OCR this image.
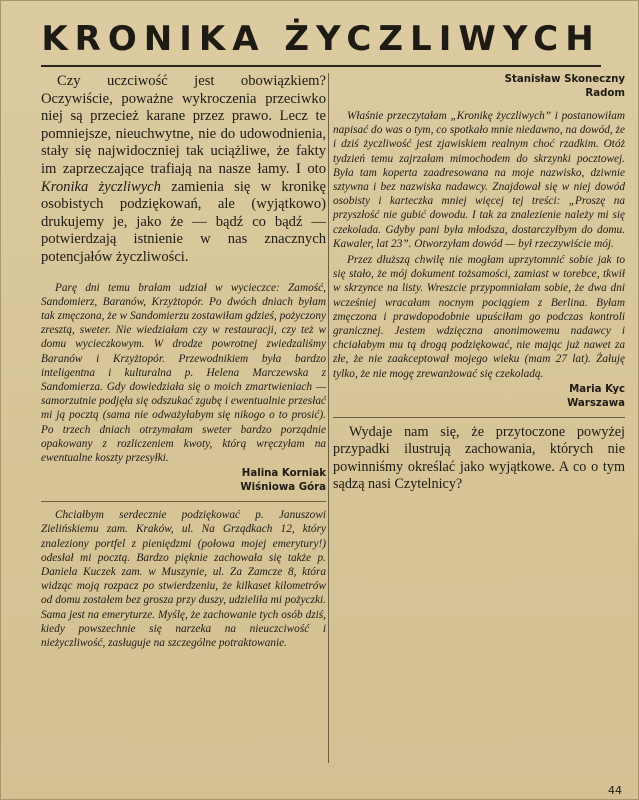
KRONIKA ŻYCZLIWYCH

Czy uczciwość jest obowiązkiem? Oczywiście, poważne wykroczenia przeciwko niej są przecież karane przez prawo. Lecz te pomniejsze, nieuchwytne, nie do udowodnienia, stały się najwidoczniej tak uciążliwe, że fakty im zaprzeczające trafiają na nasze łamy. I oto Kronika życzliwych zamienia się w kronikę osobistych podziękowań, ale (wyjątkowo) drukujemy je, jako że — bądź co bądź — potwierdzają istnienie w nas znacznych potencjałów życzliwości.

Parę dni temu brałam udział w wycieczce: Zamość, Sandomierz, Baranów, Krzyżtopór. Po dwóch dniach byłam tak zmęczona, że w Sandomierzu zostawiłam gdzieś, pożyczony zresztą, sweter. Nie wiedziałam czy w restauracji, czy też w domu wycieczkowym. W drodze powrotnej zwiedzaliśmy Baranów i Krzyżtopór. Przewodnikiem była bardzo inteligentna i kulturalna p. Helena Marczewska z Sandomierza. Gdy dowiedziała się o moich zmartwieniach — samorzutnie podjęła się odszukać zgubę i ewentualnie przesłać mi ją pocztą (sama nie odważyłabym się nikogo o to prosić). Po trzech dniach otrzymałam sweter bardzo porządnie opakowany z rozliczeniem kwoty, którą wręczyłam na ewentualne koszty przesyłki.

Halina Korniak

Wiśniowa Góra

Chciałbym serdecznie podziękować p. Januszowi Zielińskiemu zam. Kraków, ul. Na Grządkach 12, który znaleziony portfel z pieniędzmi (połowa mojej emerytury!) odesłał mi pocztą. Bardzo pięknie zachowała się także p. Daniela Kuczek zam. w Muszynie, ul. Za Zamcze 8, która widząc moją rozpacz po stwierdzeniu, że kilkaset kilometrów od domu zostałem bez grosza przy duszy, udzieliła mi pożyczki. Sama jest na emeryturze. Myślę, że zachowanie tych osób dziś, kiedy powszechnie się narzeka na nieuczciwość i nieżyczliwość, zasługuje na szczególne potraktowanie.

Stanisław Skoneczny

Radom

Właśnie przeczytałam „Kronikę życzliwych” i postanowiłam napisać do was o tym, co spotkało mnie niedawno, na dowód, że i dziś życzliwość jest zjawiskiem realnym choć rzadkim. Otóż tydzień temu zajrzałam mimochodem do skrzynki pocztowej. Była tam koperta zaadresowana na moje nazwisko, dziwnie sztywna i bez nazwiska nadawcy. Znajdował się w niej dowód osobisty i karteczka mniej więcej tej treści: „Proszę na przyszłość nie gubić dowodu. I tak za znalezienie należy mi się czekolada. Gdyby pani była młodsza, dostarczyłbym do domu. Kawaler, lat 23”. Otworzyłam dowód — był rzeczywiście mój.

Przez dłuższą chwilę nie mogłam uprzytomnić sobie jak to się stało, że mój dokument tożsamości, zamiast w torebce, tkwił w skrzynce na listy. Wreszcie przypomniałam sobie, że dwa dni wcześniej wracałam nocnym pociągiem z Berlina. Byłam zmęczona i prawdopodobnie upuściłam go podczas kontroli granicznej. Jestem wdzięczna anonimowemu nadawcy i chciałabym mu tą drogą podziękować, nie mając już nawet za złe, że nie zaakceptował mojego wieku (mam 27 lat). Żałuję tylko, że nie mogę zrewanżować się czekoladą.

Maria Kyc

Warszawa

Wydaje nam się, że przytoczone powyżej przypadki ilustrują zachowania, których nie powinniśmy określać jako wyjątkowe. A co o tym sądzą nasi Czytelnicy?

44
